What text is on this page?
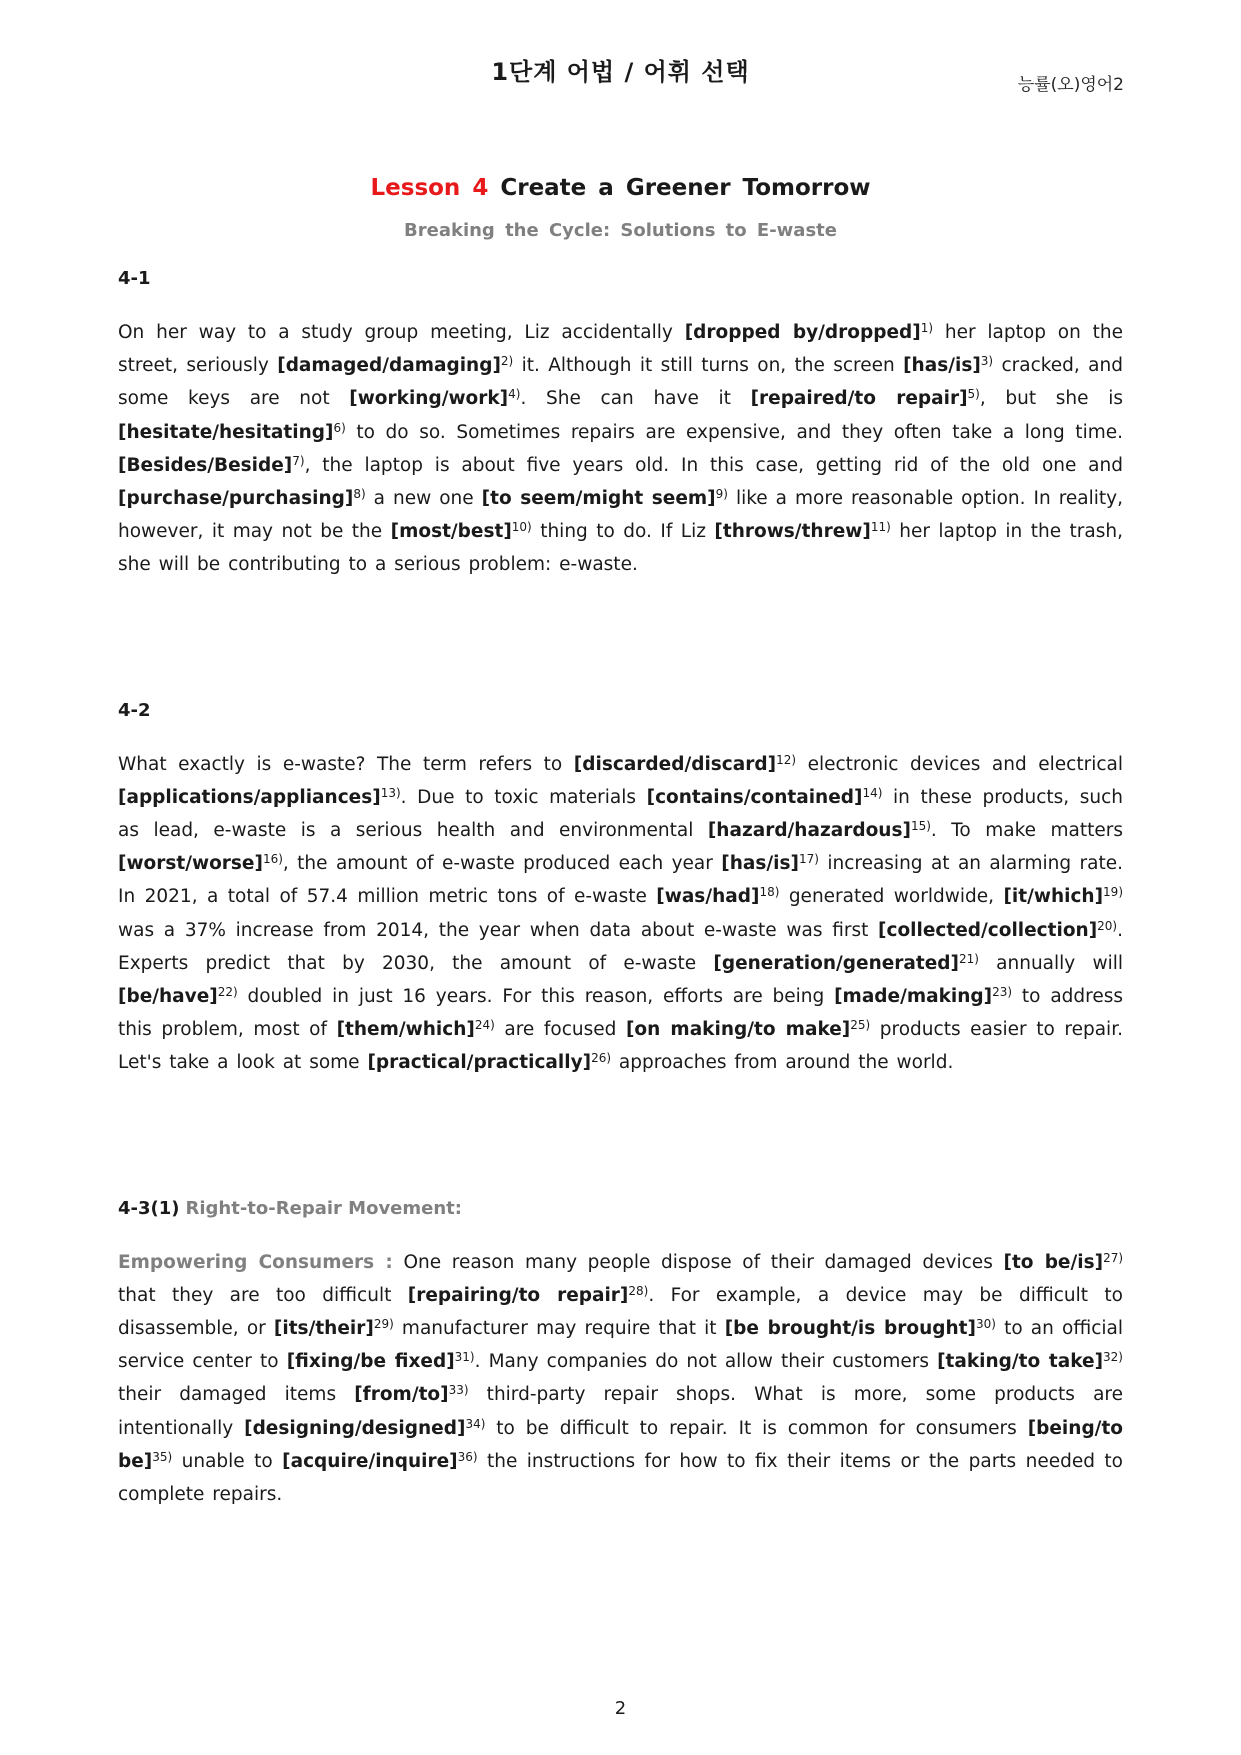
1단계 어법 / 어휘 선택	능률(오)영어2
Lesson 4 Create a Greener Tomorrow
Breaking the Cycle: Solutions to E-waste

4-1

On her way to a study group meeting, Liz accidentally [dropped by/dropped]$^{1)}$ her laptop on the street, seriously [damaged/damaging]$^{2)}$ it. Although it still turns on, the screen $[has/is]^{3)}$ cracked, and some keys are not [working/work]$^{4)}$. She can have it [repaired/to repair]$^{5)}$, but she is [hesitate/hesitating]$^{6)}$ to do so. Sometimes repairs are expensive, and they often take a long time. [Besides/Beside]$^{7)}$, the laptop is about five years old. In this case, getting rid of the old one and [purchase/purchasing]$^{8)}$ a new one [to seem/might seem]$^{9)}$ like a more reasonable option. In reality, however, it may not be the [most/best]$^{10)}$ thing to do. If Liz [throws/threw]$^{11)}$ her laptop in the trash, she will be contributing to a serious problem: e-waste.

4-2

What exactly is e-waste? The term refers to [discarded/discard]$^{12)}$ electronic devices and electrical [applications/appliances]$^{13)}$. Due to toxic materials [contains/contained]$^{14)}$ in these products, such as lead, e-waste is a serious health and environmental [hazard/hazardous]$^{15)}$. To make matters [worst/worse]$^{16)}$, the amount of e-waste produced each year $[has/is]^{17)}$ increasing at an alarming rate. In 2021, a total of 57.4 million metric tons of e-waste $[was/had]^{18)}$ generated worldwide, [it/which]$^{19)}$ was a 37% increase from 2014, the year when data about e-waste was first [collected/collection]$^{20)}$. Experts predict that by 2030, the amount of e-waste [generation/generated]$^{21)}$ annually will [be/have]$^{22)}$ doubled in just 16 years. For this reason, efforts are being [made/making]$^{23)}$ to address this problem, most of [them/which]$^{24)}$ are focused [on making/to make]$^{25)}$ products easier to repair. Let's take a look at some [practical/practically]$^{26)}$ approaches from around the world.

4-3(1) Right-to-Repair Movement:

Empowering Consumers : One reason many people dispose of their damaged devices [to be/is]$^{27)}$ that they are too difficult [repairing/to repair]$^{28)}$. For example, a device may be difficult to disassemble, or [its/their]$^{29)}$ manufacturer may require that it [be brought/is brought]$^{30)}$ to an official service center to [fixing/be fixed]$^{31)}$. Many companies do not allow their customers [taking/to take]$^{32)}$ their damaged items [from/to]$^{33)}$ third-party repair shops. What is more, some products are intentionally [designing/designed]$^{34)}$ to be difficult to repair. It is common for consumers [being/to be]$^{35)}$ unable to [acquire/inquire]$^{36)}$ the instructions for how to fix their items or the parts needed to complete repairs.

2
